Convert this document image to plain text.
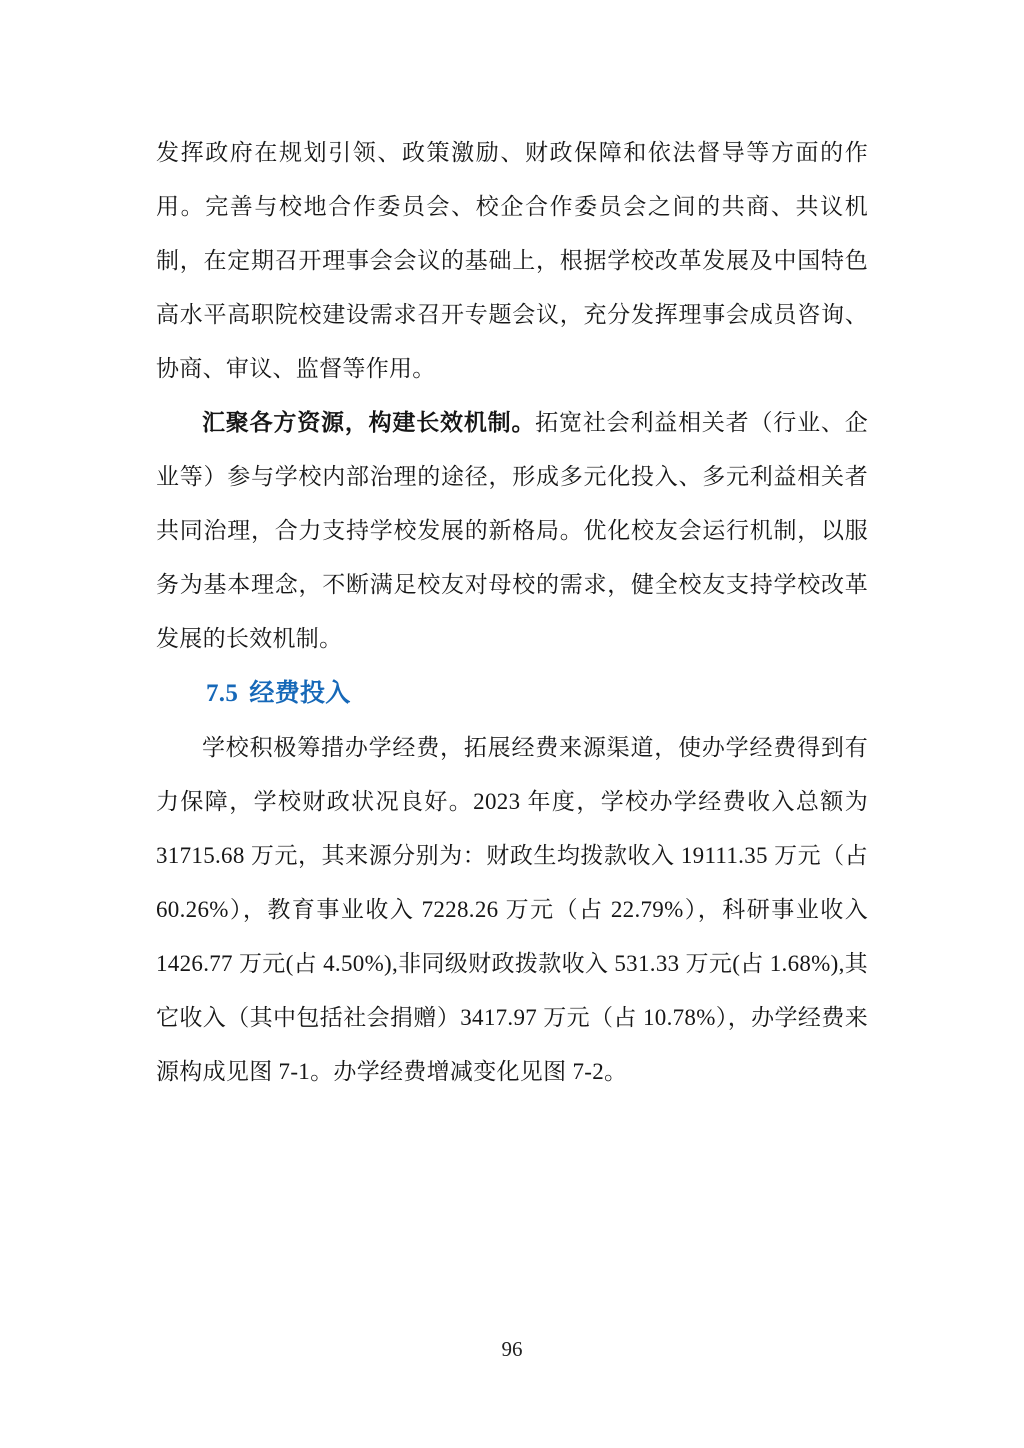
发挥政府在规划引领、政策激励、财政保障和依法督导等方面的作用。完善与校地合作委员会、校企合作委员会之间的共商、共议机制，在定期召开理事会会议的基础上，根据学校改革发展及中国特色高水平高职院校建设需求召开专题会议，充分发挥理事会成员咨询、协商、审议、监督等作用。

汇聚各方资源，构建长效机制。拓宽社会利益相关者（行业、企业等）参与学校内部治理的途径，形成多元化投入、多元利益相关者共同治理，合力支持学校发展的新格局。优化校友会运行机制，以服务为基本理念，不断满足校友对母校的需求，健全校友支持学校改革发展的长效机制。

7.5 经费投入

学校积极筹措办学经费，拓展经费来源渠道，使办学经费得到有力保障，学校财政状况良好。2023 年度，学校办学经费收入总额为 31715.68 万元，其来源分别为：财政生均拨款收入 19111.35 万元（占 60.26%），教育事业收入 7228.26 万元（占 22.79%），科研事业收入 1426.77 万元(占 4.50%),非同级财政拨款收入 531.33 万元(占 1.68%),其它收入（其中包括社会捐赠）3417.97 万元（占 10.78%），办学经费来源构成见图 7-1。办学经费增减变化见图 7-2。

96
